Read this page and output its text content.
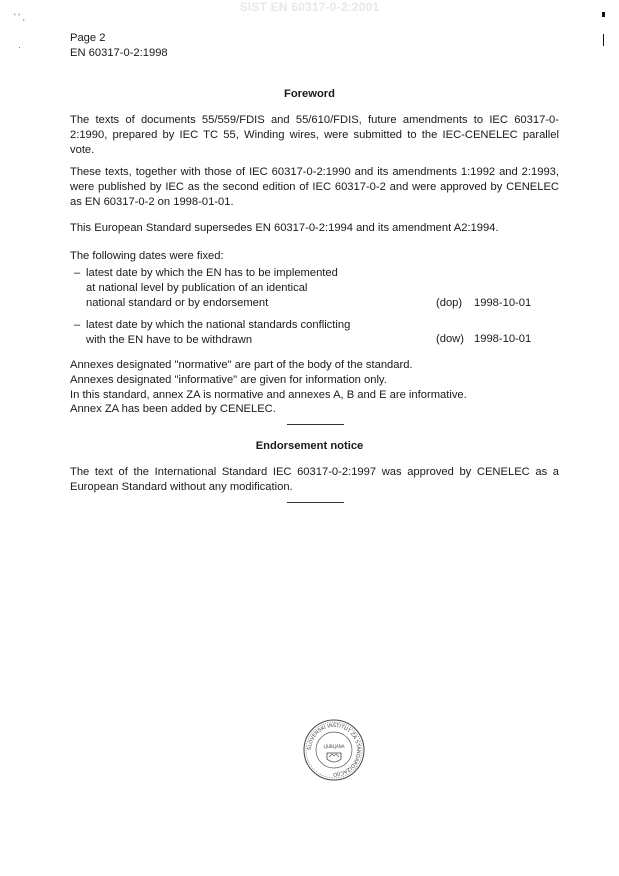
SIST EN 60317-0-2:2001
' ' ,
·
Page 2
EN 60317-0-2:1998
Foreword
The texts of documents 55/559/FDIS and 55/610/FDIS, future amendments to IEC 60317-0-2:1990, prepared by IEC TC 55, Winding wires, were submitted to the IEC-CENELEC parallel vote.
These texts, together with those of IEC 60317-0-2:1990 and its amendments 1:1992 and 2:1993, were published by IEC as the second edition of IEC 60317-0-2 and were approved by CENELEC as EN 60317-0-2 on 1998-01-01.
This European Standard supersedes EN 60317-0-2:1994 and its amendment A2:1994.
The following dates were fixed:
– latest date by which the EN has to be implemented
at national level by publication of an identical
national standard or by endorsement	(dop) 1998-10-01
– latest date by which the national standards conflicting
with the EN have to be withdrawn	(dow) 1998-10-01
Annexes designated "normative" are part of the body of the standard.
Annexes designated "informative" are given for information only.
In this standard, annex ZA is normative and annexes A, B and E are informative.
Annex ZA has been added by CENELEC.
Endorsement notice
The text of the International Standard IEC 60317-0-2:1997 was approved by CENELEC as a European Standard without any modification.
SLOVENSKI INŠTITUT ZA STANDARDIZACIJO
LJUBLJANA
